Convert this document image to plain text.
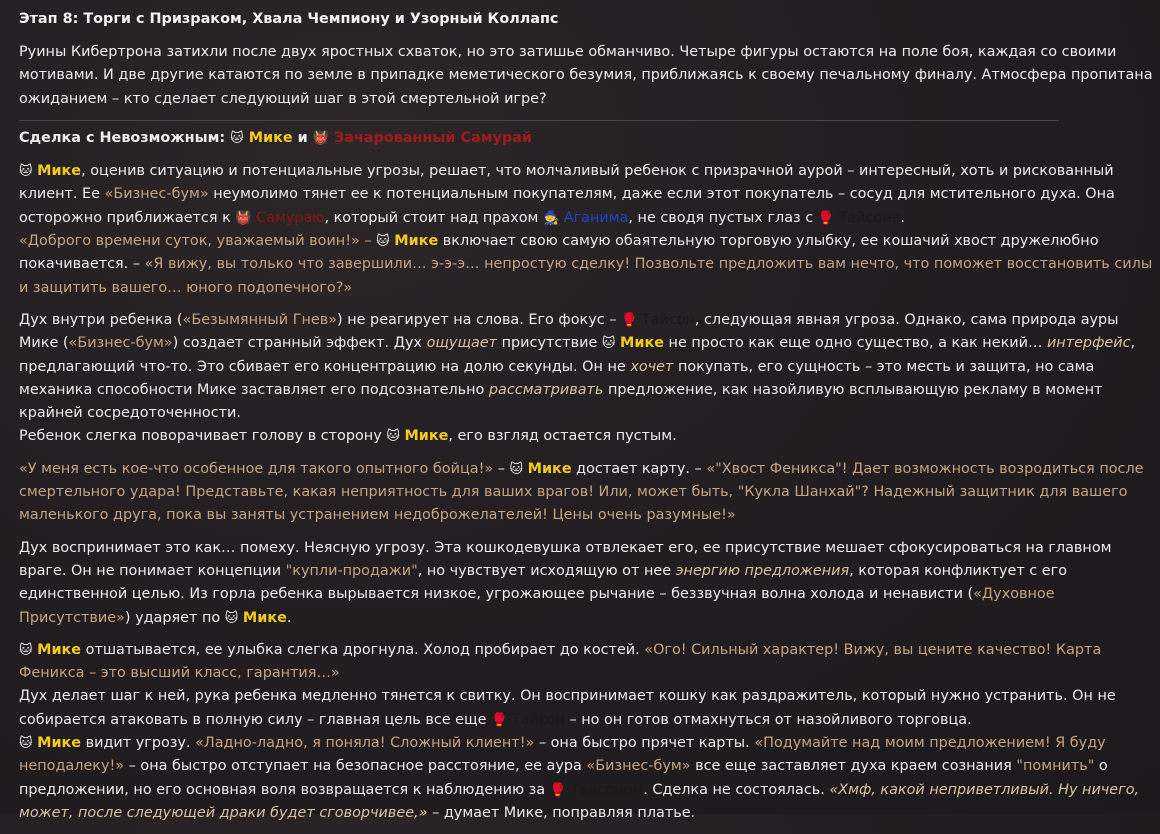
Этап 8: Торги с Призраком, Хвала Чемпиону и Узорный Коллапс

Руины Кибертрона затихли после двух яростных схваток, но это затишье обманчиво. Четыре фигуры остаются на поле боя, каждая со своими мотивами. И две другие катаются по земле в припадке меметического безумия, приближаясь к своему печальному финалу. Атмосфера пропитана ожиданием – кто сделает следующий шаг в этой смертельной игре?

Сделка с Невозможным: 🐱 Мике и 👹 Зачарованный Самурай

🐱 Мике, оценив ситуацию и потенциальные угрозы, решает, что молчаливый ребенок с призрачной аурой – интересный, хоть и рискованный клиент. Ее «Бизнес-бум» неумолимо тянет ее к потенциальным покупателям, даже если этот покупатель – сосуд для мстительного духа. Она осторожно приближается к 👹 Самураю, который стоит над прахом 🧙 Аганима, не сводя пустых глаз с 🥊 Тайсона.
«Доброго времени суток, уважаемый воин!» – 🐱 Мике включает свою самую обаятельную торговую улыбку, ее кошачий хвост дружелюбно покачивается. – «Я вижу, вы только что завершили… э-э-э… непростую сделку! Позвольте предложить вам нечто, что поможет восстановить силы и защитить вашего… юного подопечного?»

Дух внутри ребенка («Безымянный Гнев») не реагирует на слова. Его фокус – 🥊 Тайсон, следующая явная угроза. Однако, сама природа ауры Мике («Бизнес-бум») создает странный эффект. Дух ощущает присутствие 🐱 Мике не просто как еще одно существо, а как некий… интерфейс, предлагающий что-то. Это сбивает его концентрацию на долю секунды. Он не хочет покупать, его сущность – это месть и защита, но сама механика способности Мике заставляет его подсознательно рассматривать предложение, как назойливую всплывающую рекламу в момент крайней сосредоточенности.
Ребенок слегка поворачивает голову в сторону 🐱 Мике, его взгляд остается пустым.

«У меня есть кое-что особенное для такого опытного бойца!» – 🐱 Мике достает карту. – «"Хвост Феникса"! Дает возможность возродиться после смертельного удара! Представьте, какая неприятность для ваших врагов! Или, может быть, "Кукла Шанхай"? Надежный защитник для вашего маленького друга, пока вы заняты устранением недоброжелателей! Цены очень разумные!»

Дух воспринимает это как… помеху. Неясную угрозу. Эта кошкодевушка отвлекает его, ее присутствие мешает сфокусироваться на главном враге. Он не понимает концепции "купли-продажи", но чувствует исходящую от нее энергию предложения, которая конфликтует с его единственной целью. Из горла ребенка вырывается низкое, угрожающее рычание – беззвучная волна холода и ненависти («Духовное Присутствие») ударяет по 🐱 Мике.

🐱 Мике отшатывается, ее улыбка слегка дрогнула. Холод пробирает до костей. «Ого! Сильный характер! Вижу, вы цените качество! Карта Феникса – это высший класс, гарантия…»
Дух делает шаг к ней, рука ребенка медленно тянется к свитку. Он воспринимает кошку как раздражитель, который нужно устранить. Он не собирается атаковать в полную силу – главная цель все еще 🥊 Тайсон – но он готов отмахнуться от назойливого торговца.
🐱 Мике видит угрозу. «Ладно-ладно, я поняла! Сложный клиент!» – она быстро прячет карты. «Подумайте над моим предложением! Я буду неподалеку!» – она быстро отступает на безопасное расстояние, ее аура «Бизнес-бум» все еще заставляет духа краем сознания "помнить" о предложении, но его основная воля возвращается к наблюдению за 🥊 Тайсоном. Сделка не состоялась. «Хмф, какой неприветливый. Ну ничего, может, после следующей драки будет сговорчивее,» – думает Мике, поправляя платье.
